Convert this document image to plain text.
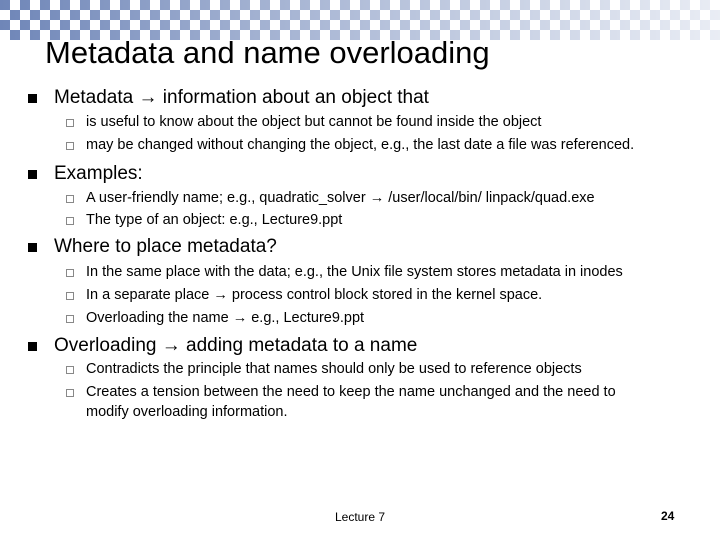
Metadata and name overloading
Metadata → information about an object that
is useful to know about the object but cannot be found inside the object
may be changed without changing the object, e.g., the last date a file was referenced.
Examples:
A user-friendly name; e.g., quadratic_solver → /user/local/bin/ linpack/quad.exe
The type of an object: e.g., Lecture9.ppt
Where to place metadata?
In the same place with the data; e.g., the Unix file system stores metadata in inodes
In a separate place → process control block stored in the kernel space.
Overloading the name → e.g., Lecture9.ppt
Overloading → adding metadata to a name
Contradicts the principle that names should only be used to reference objects
Creates a tension between the need to keep the name unchanged and the need to
modify overloading information.
Lecture 7	24
